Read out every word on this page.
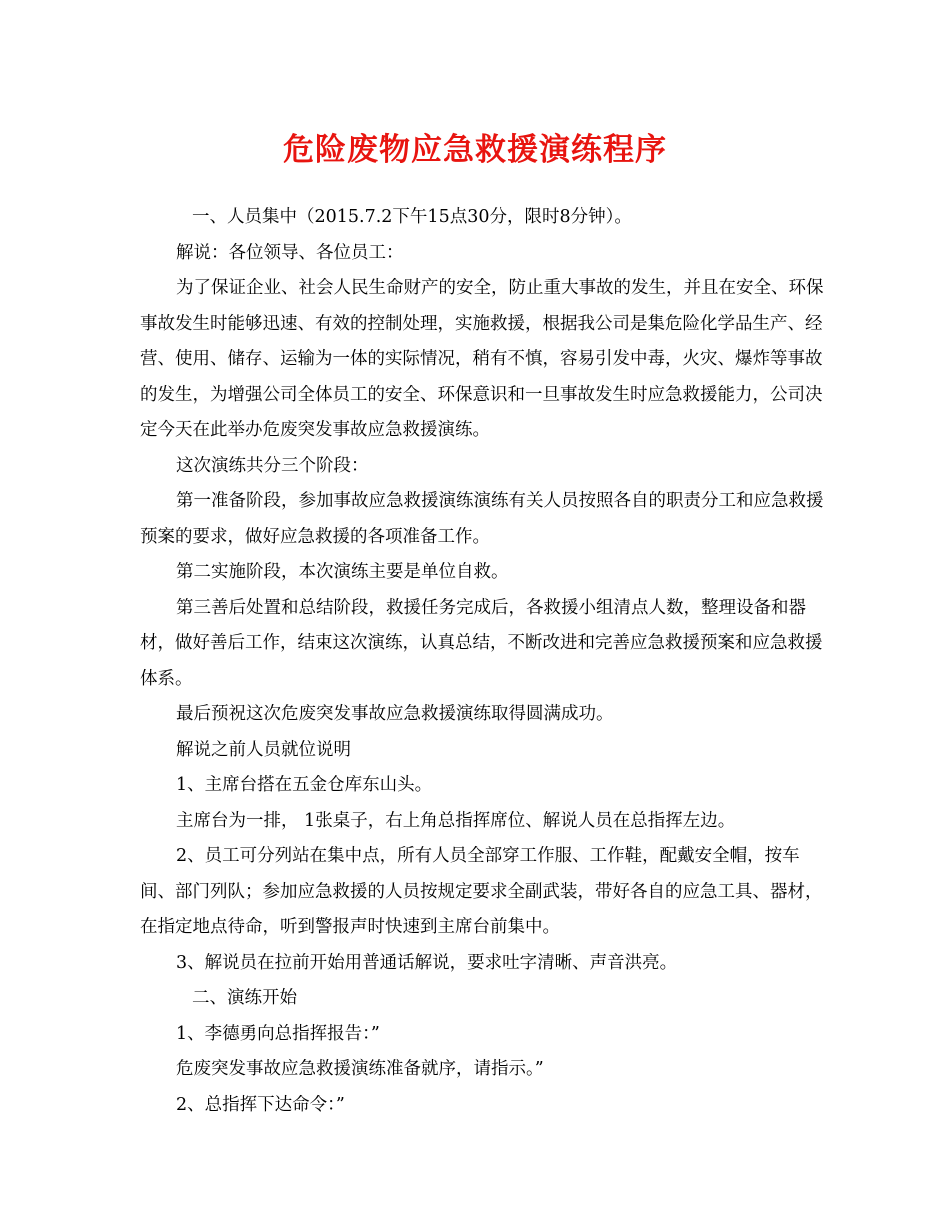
危险废物应急救援演练程序

一、人员集中（2015.7.2下午15点30分，限时8分钟）。

解说：各位领导、各位员工：

为了保证企业、社会人民生命财产的安全，防止重大事故的发生，并且在安全、环保事故发生时能够迅速、有效的控制处理，实施救援，根据我公司是集危险化学品生产、经营、使用、储存、运输为一体的实际情况，稍有不慎，容易引发中毒，火灾、爆炸等事故的发生，为增强公司全体员工的安全、环保意识和一旦事故发生时应急救援能力，公司决定今天在此举办危废突发事故应急救援演练。

这次演练共分三个阶段：

第一准备阶段，参加事故应急救援演练演练有关人员按照各自的职责分工和应急救援预案的要求，做好应急救援的各项准备工作。

第二实施阶段，本次演练主要是单位自救。

第三善后处置和总结阶段，救援任务完成后，各救援小组清点人数，整理设备和器材，做好善后工作，结束这次演练，认真总结，不断改进和完善应急救援预案和应急救援体系。

最后预祝这次危废突发事故应急救援演练取得圆满成功。

解说之前人员就位说明

1、主席台搭在五金仓库东山头。

主席台为一排， 1张桌子，右上角总指挥席位、解说人员在总指挥左边。

2、员工可分列站在集中点，所有人员全部穿工作服、工作鞋，配戴安全帽，按车间、部门列队；参加应急救援的人员按规定要求全副武装，带好各自的应急工具、器材，在指定地点待命，听到警报声时快速到主席台前集中。

3、解说员在拉前开始用普通话解说，要求吐字清晰、声音洪亮。

二、演练开始

1、李德勇向总指挥报告：”

危废突发事故应急救援演练准备就序，请指示。”

2、总指挥下达命令：”
